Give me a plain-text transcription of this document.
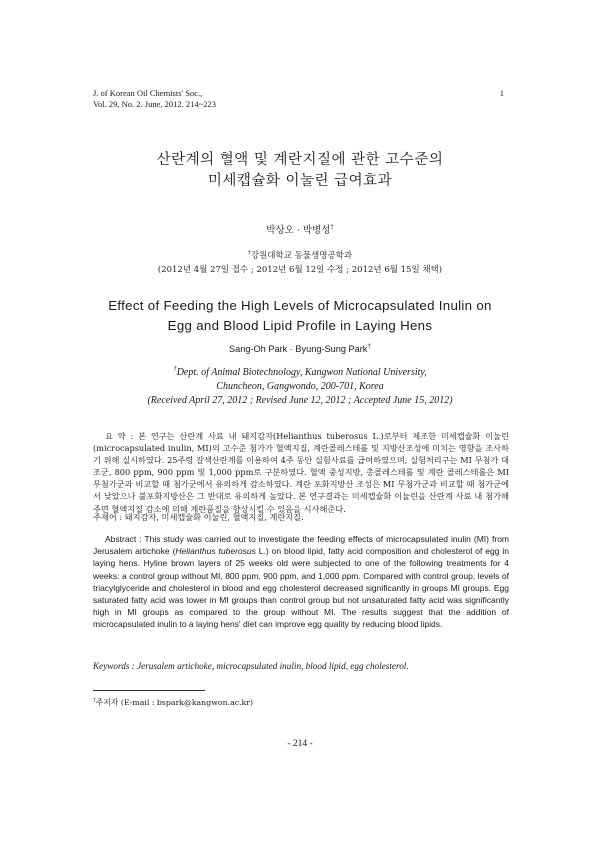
J. of Korean Oil Chemists' Soc.,
Vol. 29, No. 2. June, 2012. 214~223
1
산란계의 혈액 및 계란지질에 관한 고수준의
미세캡슐화 이눌린 급여효과
박상오 · 박병성†
†강원대학교 동물생명공학과
(2012년 4월 27일 접수 ; 2012년 6월 12일 수정 ; 2012년 6월 15일 채택)
Effect of Feeding the High Levels of Microcapsulated Inulin on
Egg and Blood Lipid Profile in Laying Hens
Sang-Oh Park · Byung-Sung Park†
†Dept. of Animal Biotechnology, Kangwon National University,
Chuncheon, Gangwondo, 200-701, Korea
(Received April 27, 2012 ; Revised June 12, 2012 ; Accepted June 15, 2012)
요 약 : 본 연구는 산란계 사료 내 돼지감자(Helianthus tuberosus L.)로부터 제조한 미세캡슐화 이눌린(microcapsulated inulin, MI)의 고수준 첨가가 혈액지질, 계란콜레스테롤 및 지방산조성에 미치는 영향을 조사하기 위해 실시하였다. 25주령 갈색산란계를 이용하여 4주 동안 실험사료를 급여하였으며, 실험처리구는 MI 무첨가 대조군, 800 ppm, 900 ppm 및 1,000 ppm로 구분하였다. 혈액 중성지방, 총콜레스테롤 및 계란 콜레스테롤은 MI 무첨가군과 비교할 때 첨가군에서 유의하게 감소하였다. 계란 포화지방산 조성은 MI 무첨가군과 비교할 때 첨가군에서 낮았으나 불포화지방산은 그 반대로 유의하게 높았다. 본 연구결과는 미세캡슐화 이눌린을 산란계 사료 내 첨가해주면 혈액지질 감소에 의해 계란품질을 향상시킬 수 있음을 시사해준다.
주제어 : 돼지감자, 미세캡슐화 이눌린, 혈액지질, 계란지질.
Abstract : This study was carried out to investigate the feeding effects of microcapsulated inulin (MI) from Jerusalem artichoke (Helianthus tuberosus L.) on blood lipid, fatty acid composition and cholesterol of egg in laying hens. Hyline brown layers of 25 weeks old were subjected to one of the following treatments for 4 weeks: a control group without MI, 800 ppm, 900 ppm, and 1,000 ppm. Compared with control group, levels of triacylglyceride and cholesterol in blood and egg cholesterol decreased significantly in groups MI groups. Egg saturated fatty acid was lower in MI groups than control group but not unsaturated fatty acid was significantly high in MI groups as compared to the group without MI. The results suggest that the addition of microcapsulated inulin to a laying hens' diet can improve egg quality by reducing blood lipids.
Keywords : Jerusalem artichoke, microcapsulated inulin, blood lipid, egg cholesterol.
†주저자 (E-mail : bspark@kangwon.ac.kr)
- 214 -
